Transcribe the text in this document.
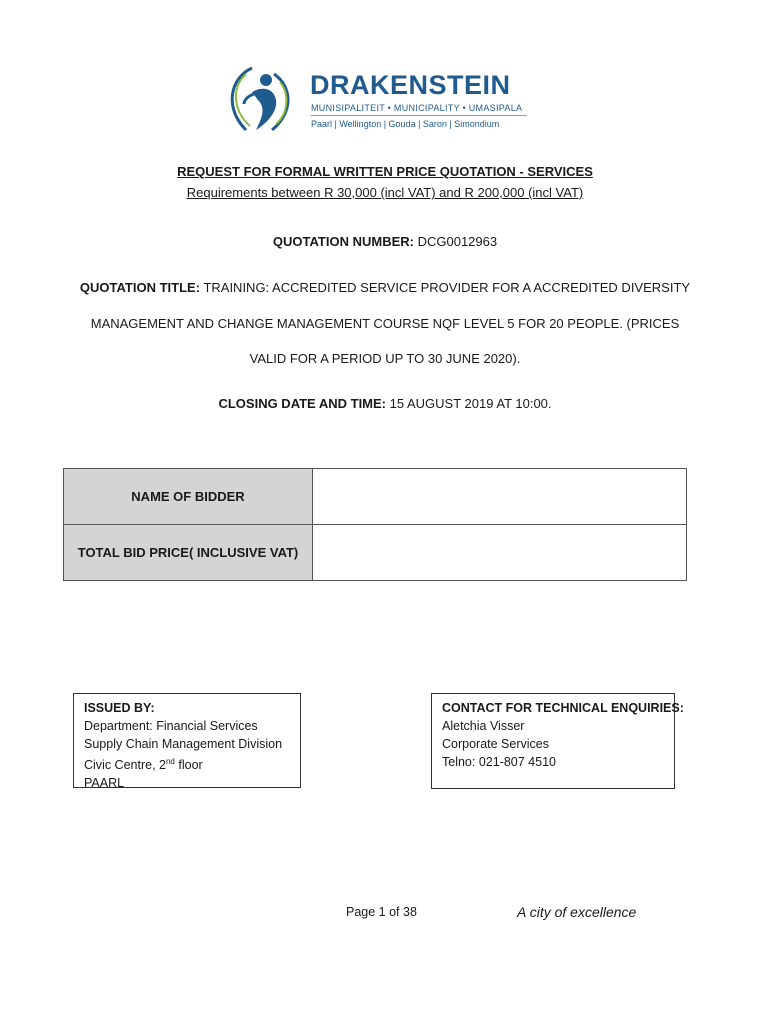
DRAKENSTEIN
MUNISIPALITEIT • MUNICIPALITY • UMASIPALA
Paarl | Wellington | Gouda | Saron | Simondium
REQUEST FOR FORMAL WRITTEN PRICE QUOTATION - SERVICES
Requirements between R 30,000 (incl VAT) and R 200,000 (incl VAT)
QUOTATION NUMBER: DCG0012963
QUOTATION TITLE: TRAINING: ACCREDITED SERVICE PROVIDER FOR A ACCREDITED DIVERSITY
MANAGEMENT AND CHANGE MANAGEMENT COURSE NQF LEVEL 5 FOR 20 PEOPLE. (PRICES
VALID FOR A PERIOD UP TO 30 JUNE 2020).
CLOSING DATE AND TIME: 15 AUGUST 2019 AT 10:00.
NAME OF BIDDER	
TOTAL BID PRICE( INCLUSIVE VAT)	
ISSUED BY:
Department: Financial Services
Supply Chain Management Division
Civic Centre, 2nd floor
PAARL
CONTACT FOR TECHNICAL ENQUIRIES:
Aletchia Visser
Corporate Services
Telno: 021-807 4510
Page 1 of 38	A city of excellence
